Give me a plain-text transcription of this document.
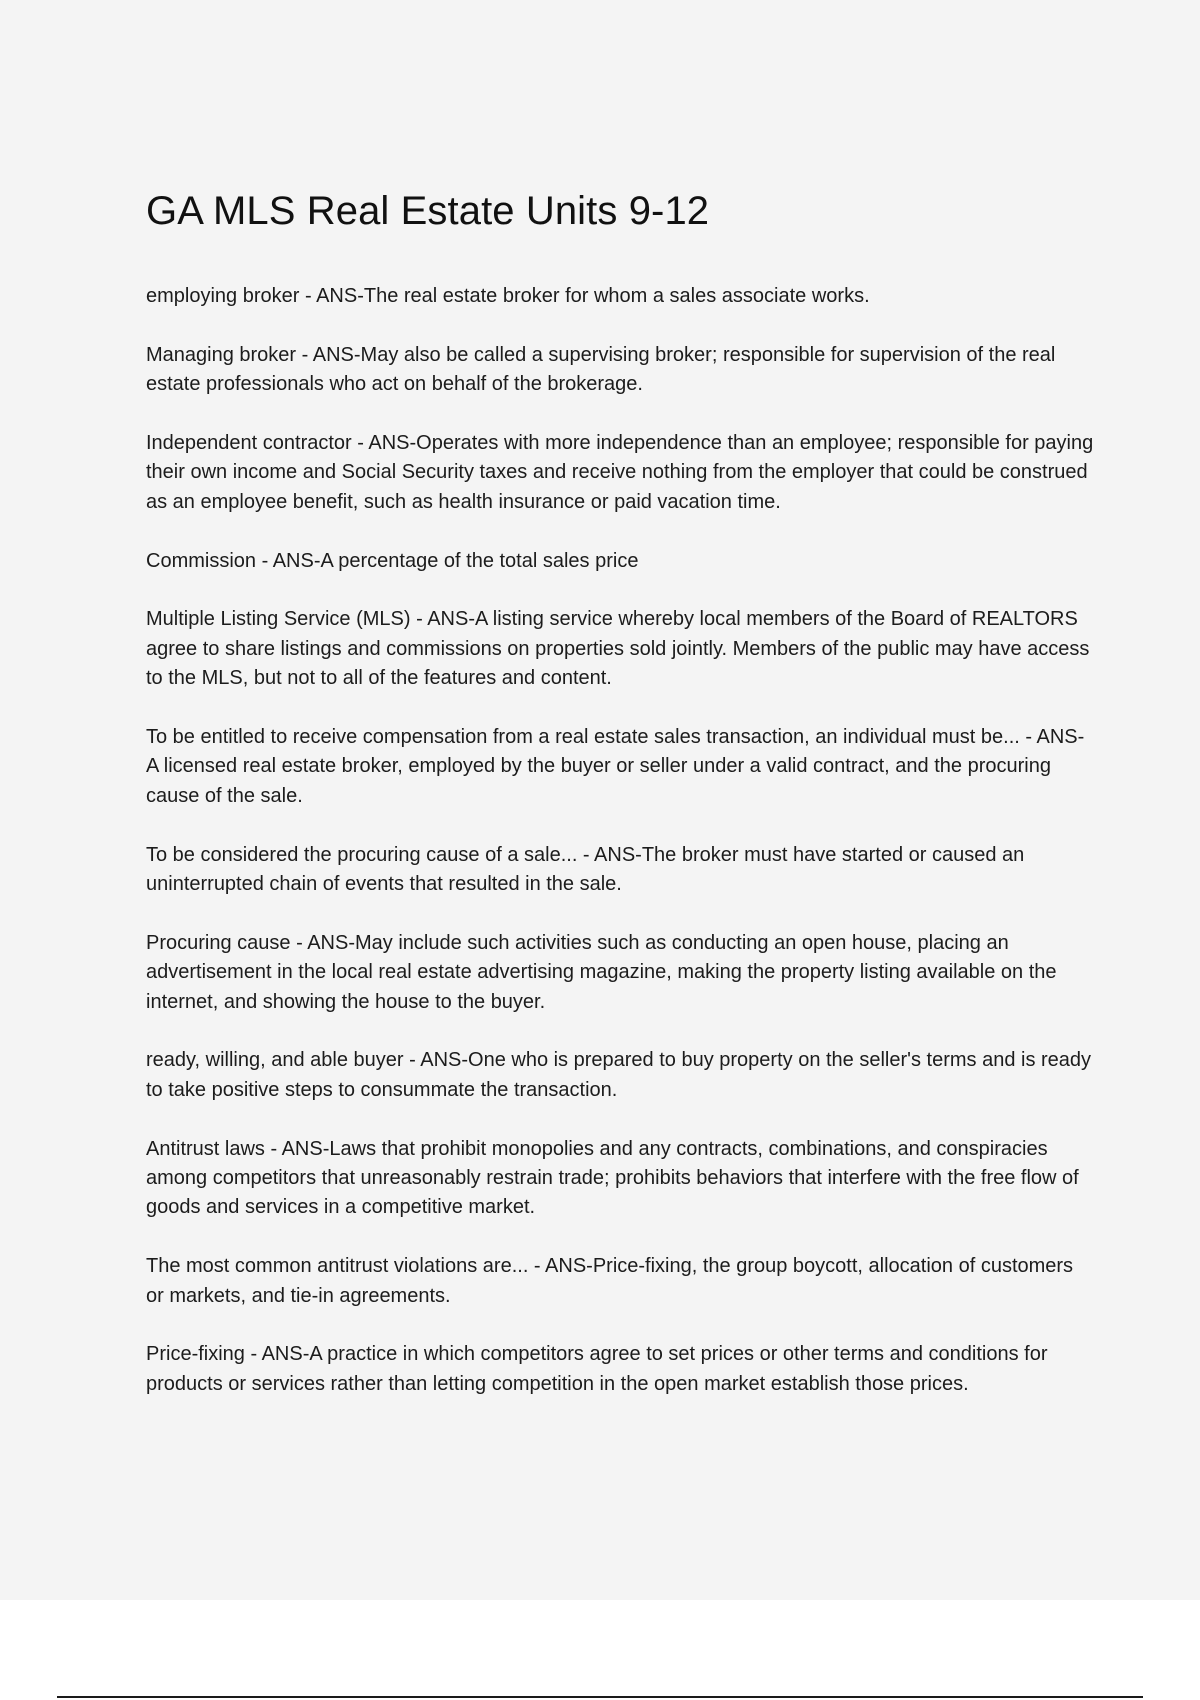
GA MLS Real Estate Units 9-12

employing broker - ANS-The real estate broker for whom a sales associate works.

Managing broker - ANS-May also be called a supervising broker; responsible for supervision of the real estate professionals who act on behalf of the brokerage.

Independent contractor - ANS-Operates with more independence than an employee; responsible for paying their own income and Social Security taxes and receive nothing from the employer that could be construed as an employee benefit, such as health insurance or paid vacation time.

Commission - ANS-A percentage of the total sales price

Multiple Listing Service (MLS) - ANS-A listing service whereby local members of the Board of REALTORS agree to share listings and commissions on properties sold jointly. Members of the public may have access to the MLS, but not to all of the features and content.

To be entitled to receive compensation from a real estate sales transaction, an individual must be... - ANS-A licensed real estate broker, employed by the buyer or seller under a valid contract, and the procuring cause of the sale.

To be considered the procuring cause of a sale... - ANS-The broker must have started or caused an uninterrupted chain of events that resulted in the sale.

Procuring cause - ANS-May include such activities such as conducting an open house, placing an advertisement in the local real estate advertising magazine, making the property listing available on the internet, and showing the house to the buyer.

ready, willing, and able buyer - ANS-One who is prepared to buy property on the seller's terms and is ready to take positive steps to consummate the transaction.

Antitrust laws - ANS-Laws that prohibit monopolies and any contracts, combinations, and conspiracies among competitors that unreasonably restrain trade; prohibits behaviors that interfere with the free flow of goods and services in a competitive market.

The most common antitrust violations are... - ANS-Price-fixing, the group boycott, allocation of customers or markets, and tie-in agreements.

Price-fixing - ANS-A practice in which competitors agree to set prices or other terms and conditions for products or services rather than letting competition in the open market establish those prices.
